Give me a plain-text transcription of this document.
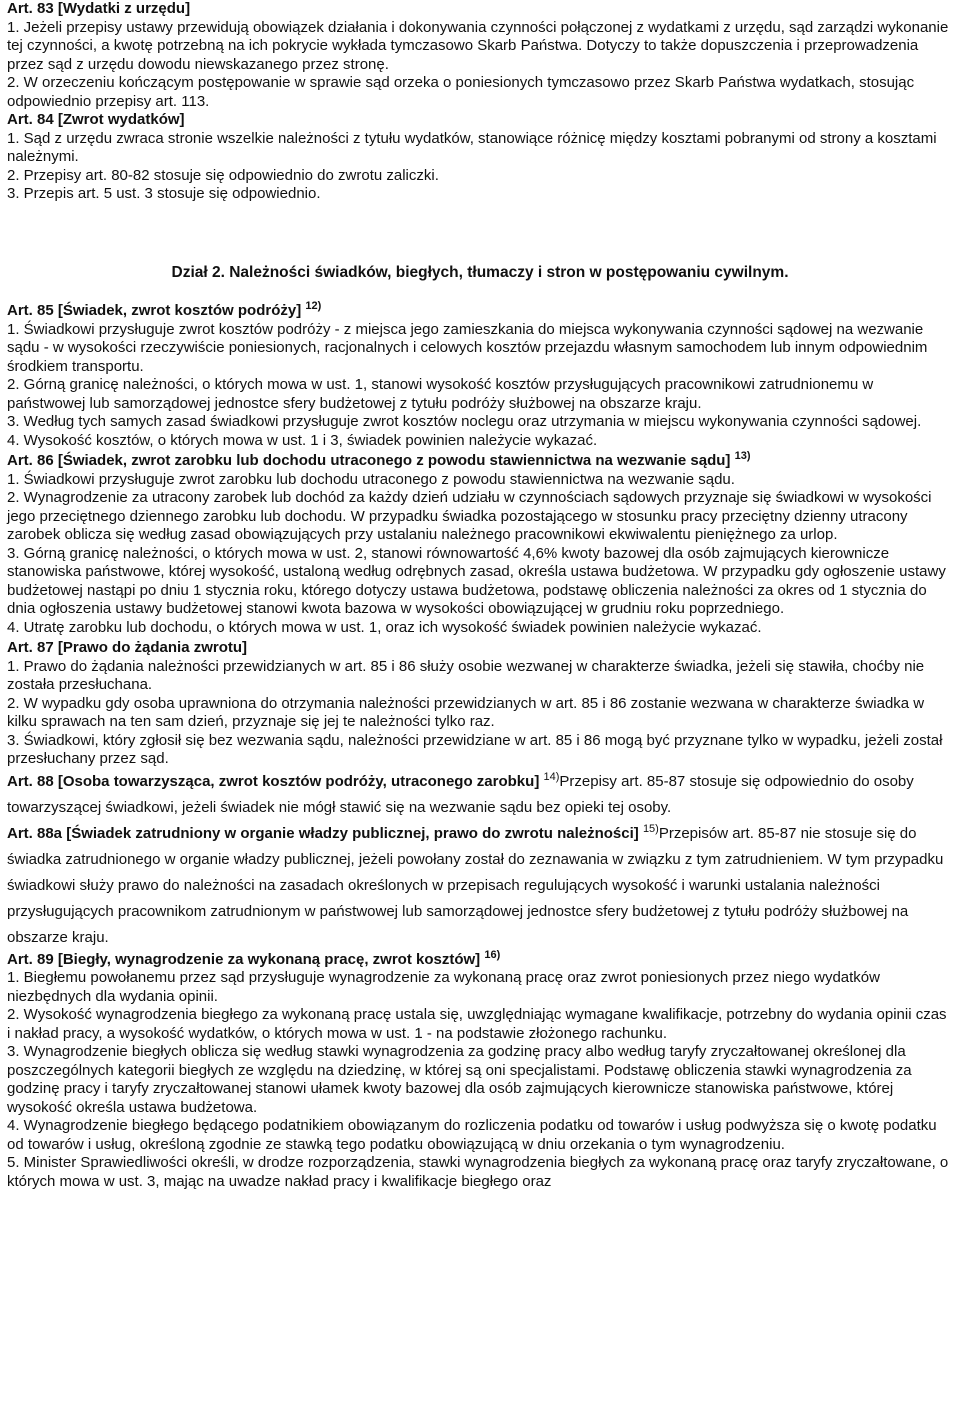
Art. 83 [Wydatki z urzędu]

1. Jeżeli przepisy ustawy przewidują obowiązek działania i dokonywania czynności połączonej z wydatkami z urzędu, sąd zarządzi wykonanie tej czynności, a kwotę potrzebną na ich pokrycie wykłada tymczasowo Skarb Państwa. Dotyczy to także dopuszczenia i przeprowadzenia przez sąd z urzędu dowodu niewskazanego przez stronę.

2. W orzeczeniu kończącym postępowanie w sprawie sąd orzeka o poniesionych tymczasowo przez Skarb Państwa wydatkach, stosując odpowiednio przepisy art. 113.

Art. 84 [Zwrot wydatków]

1. Sąd z urzędu zwraca stronie wszelkie należności z tytułu wydatków, stanowiące różnicę między kosztami pobranymi od strony a kosztami należnymi.

2. Przepisy art. 80-82 stosuje się odpowiednio do zwrotu zaliczki.

3. Przepis art. 5 ust. 3 stosuje się odpowiednio.

Dział 2. Należności świadków, biegłych, tłumaczy i stron w postępowaniu cywilnym.
Art. 85 [Świadek, zwrot kosztów podróży] $^{12)}$

1. Świadkowi przysługuje zwrot kosztów podróży - z miejsca jego zamieszkania do miejsca wykonywania czynności sądowej na wezwanie sądu - w wysokości rzeczywiście poniesionych, racjonalnych i celowych kosztów przejazdu własnym samochodem lub innym odpowiednim środkiem transportu.

2. Górną granicę należności, o których mowa w ust. 1, stanowi wysokość kosztów przysługujących pracownikowi zatrudnionemu w państwowej lub samorządowej jednostce sfery budżetowej z tytułu podróży służbowej na obszarze kraju.

3. Według tych samych zasad świadkowi przysługuje zwrot kosztów noclegu oraz utrzymania w miejscu wykonywania czynności sądowej.

4. Wysokość kosztów, o których mowa w ust. 1 i 3, świadek powinien należycie wykazać.

Art. 86 [Świadek, zwrot zarobku lub dochodu utraconego z powodu stawiennictwa na wezwanie sądu] $^{13)}$

1. Świadkowi przysługuje zwrot zarobku lub dochodu utraconego z powodu stawiennictwa na wezwanie sądu.

2. Wynagrodzenie za utracony zarobek lub dochód za każdy dzień udziału w czynnościach sądowych przyznaje się świadkowi w wysokości jego przeciętnego dziennego zarobku lub dochodu. W przypadku świadka pozostającego w stosunku pracy przeciętny dzienny utracony zarobek oblicza się według zasad obowiązujących przy ustalaniu należnego pracownikowi ekwiwalentu pieniężnego za urlop.

3. Górną granicę należności, o których mowa w ust. 2, stanowi równowartość 4,6% kwoty bazowej dla osób zajmujących kierownicze stanowiska państwowe, której wysokość, ustaloną według odrębnych zasad, określa ustawa budżetowa. W przypadku gdy ogłoszenie ustawy budżetowej nastąpi po dniu 1 stycznia roku, którego dotyczy ustawa budżetowa, podstawę obliczenia należności za okres od 1 stycznia do dnia ogłoszenia ustawy budżetowej stanowi kwota bazowa w wysokości obowiązującej w grudniu roku poprzedniego.

4. Utratę zarobku lub dochodu, o których mowa w ust. 1, oraz ich wysokość świadek powinien należycie wykazać.

Art. 87 [Prawo do żądania zwrotu]

1. Prawo do żądania należności przewidzianych w art. 85 i 86 służy osobie wezwanej w charakterze świadka, jeżeli się stawiła, choćby nie została przesłuchana.

2. W wypadku gdy osoba uprawniona do otrzymania należności przewidzianych w art. 85 i 86 zostanie wezwana w charakterze świadka w kilku sprawach na ten sam dzień, przyznaje się jej te należności tylko raz.

3. Świadkowi, który zgłosił się bez wezwania sądu, należności przewidziane w art. 85 i 86 mogą być przyznane tylko w wypadku, jeżeli został przesłuchany przez sąd.

Art. 88 [Osoba towarzysząca, zwrot kosztów podróży, utraconego zarobku] $^{14)}$Przepisy art. 85-87 stosuje się odpowiednio do osoby towarzyszącej świadkowi, jeżeli świadek nie mógł stawić się na wezwanie sądu bez opieki tej osoby.

Art. 88a [Świadek zatrudniony w organie władzy publicznej, prawo do zwrotu należności] $^{15)}$Przepisów art. 85-87 nie stosuje się do świadka zatrudnionego w organie władzy publicznej, jeżeli powołany został do zeznawania w związku z tym zatrudnieniem. W tym przypadku świadkowi służy prawo do należności na zasadach określonych w przepisach regulujących wysokość i warunki ustalania należności przysługujących pracownikom zatrudnionym w państwowej lub samorządowej jednostce sfery budżetowej z tytułu podróży służbowej na obszarze kraju.

Art. 89 [Biegły, wynagrodzenie za wykonaną pracę, zwrot kosztów] $^{16)}$

1. Biegłemu powołanemu przez sąd przysługuje wynagrodzenie za wykonaną pracę oraz zwrot poniesionych przez niego wydatków niezbędnych dla wydania opinii.

2. Wysokość wynagrodzenia biegłego za wykonaną pracę ustala się, uwzględniając wymagane kwalifikacje, potrzebny do wydania opinii czas i nakład pracy, a wysokość wydatków, o których mowa w ust. 1 - na podstawie złożonego rachunku.

3. Wynagrodzenie biegłych oblicza się według stawki wynagrodzenia za godzinę pracy albo według taryfy zryczałtowanej określonej dla poszczególnych kategorii biegłych ze względu na dziedzinę, w której są oni specjalistami. Podstawę obliczenia stawki wynagrodzenia za godzinę pracy i taryfy zryczałtowanej stanowi ułamek kwoty bazowej dla osób zajmujących kierownicze stanowiska państwowe, której wysokość określa ustawa budżetowa.

4. Wynagrodzenie biegłego będącego podatnikiem obowiązanym do rozliczenia podatku od towarów i usług podwyższa się o kwotę podatku od towarów i usług, określoną zgodnie ze stawką tego podatku obowiązującą w dniu orzekania o tym wynagrodzeniu.

5. Minister Sprawiedliwości określi, w drodze rozporządzenia, stawki wynagrodzenia biegłych za wykonaną pracę oraz taryfy zryczałtowane, o których mowa w ust. 3, mając na uwadze nakład pracy i kwalifikacje biegłego oraz
